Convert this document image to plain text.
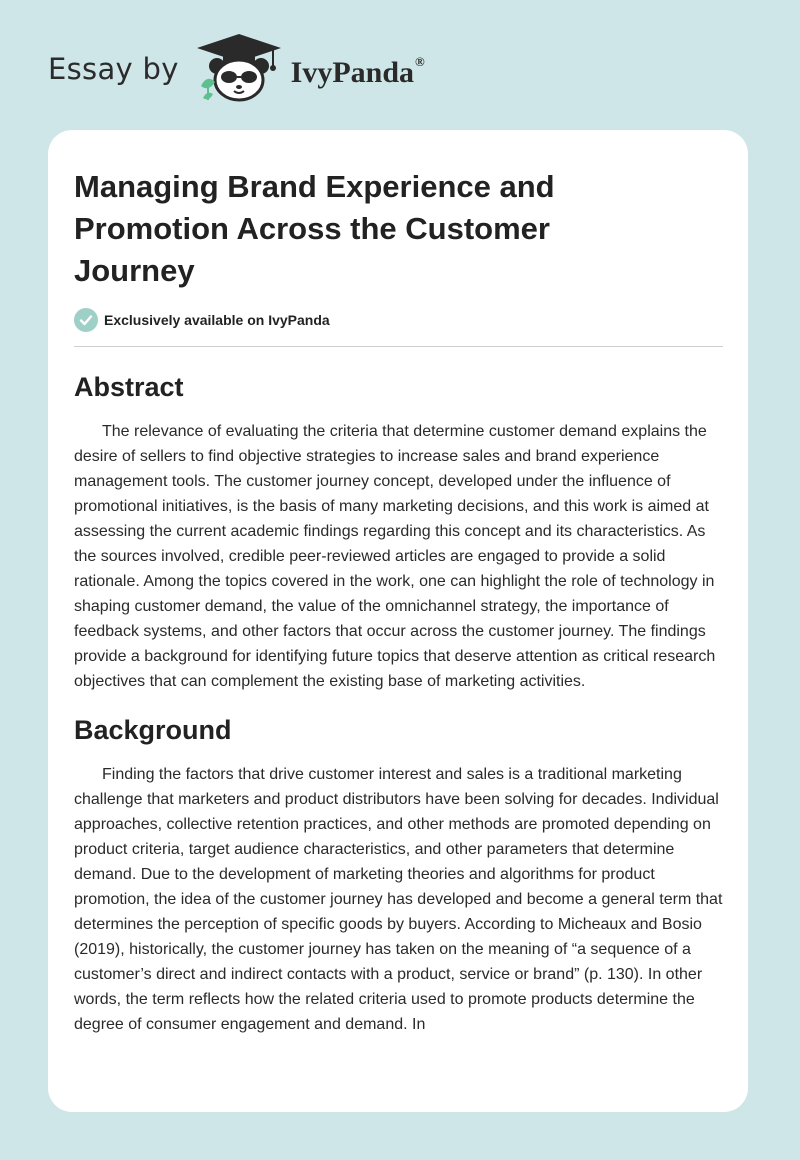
Essay by	IvyPanda®
Managing Brand Experience and Promotion Across the Customer Journey
Exclusively available on IvyPanda
Abstract

The relevance of evaluating the criteria that determine customer demand explains the desire of sellers to find objective strategies to increase sales and brand experience management tools. The customer journey concept, developed under the influence of promotional initiatives, is the basis of many marketing decisions, and this work is aimed at assessing the current academic findings regarding this concept and its characteristics. As the sources involved, credible peer-reviewed articles are engaged to provide a solid rationale. Among the topics covered in the work, one can highlight the role of technology in shaping customer demand, the value of the omnichannel strategy, the importance of feedback systems, and other factors that occur across the customer journey. The findings provide a background for identifying future topics that deserve attention as critical research objectives that can complement the existing base of marketing activities.

Background

Finding the factors that drive customer interest and sales is a traditional marketing challenge that marketers and product distributors have been solving for decades. Individual approaches, collective retention practices, and other methods are promoted depending on product criteria, target audience characteristics, and other parameters that determine demand. Due to the development of marketing theories and algorithms for product promotion, the idea of the customer journey has developed and become a general term that determines the perception of specific goods by buyers. According to Micheaux and Bosio (2019), historically, the customer journey has taken on the meaning of “a sequence of a customer’s direct and indirect contacts with a product, service or brand” (p. 130). In other words, the term reflects how the related criteria used to promote products determine the degree of consumer engagement and demand. In
